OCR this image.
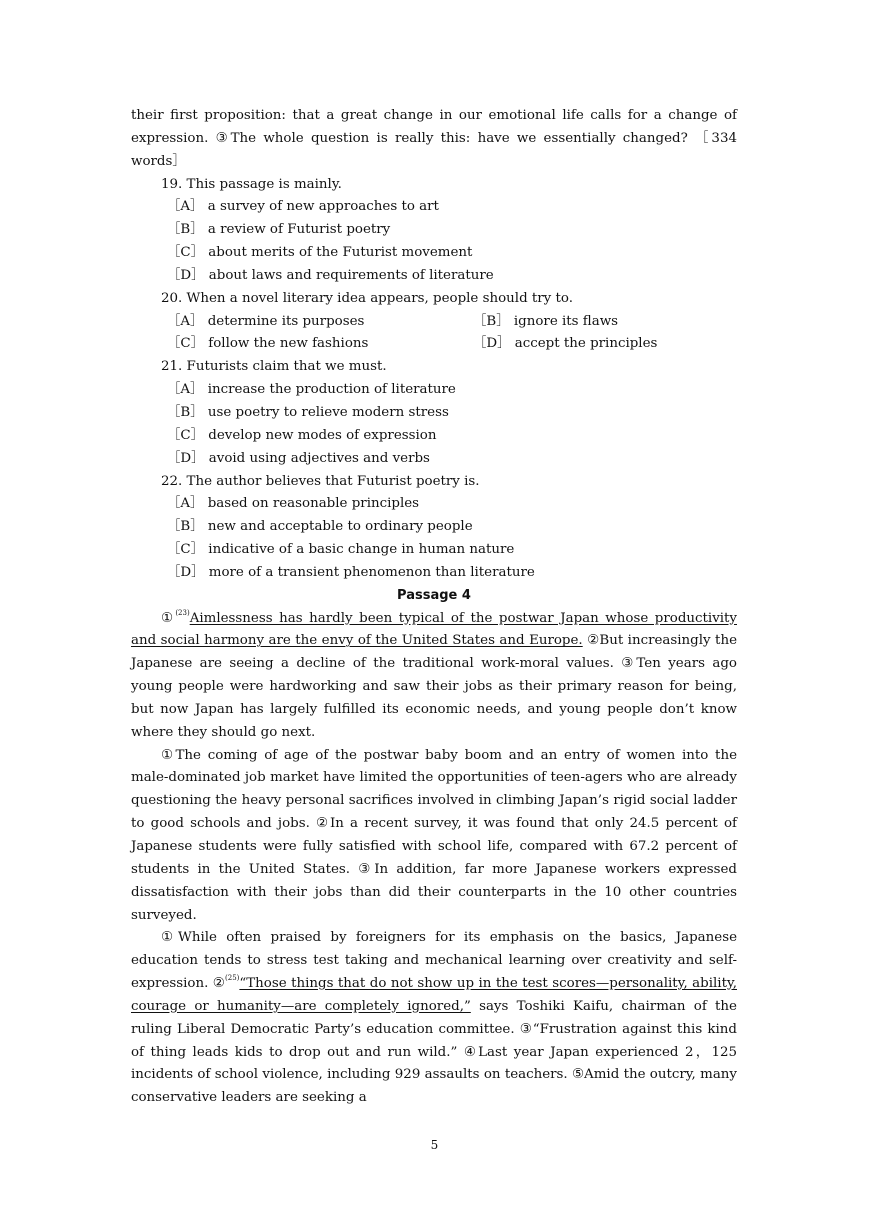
their first proposition: that a great change in our emotional life calls for a change of expression. ③The whole question is really this: have we essentially changed? ［334 words］

19. This passage is mainly.

［A］ a survey of new approaches to art

［B］ a review of Futurist poetry

［C］ about merits of the Futurist movement

［D］ about laws and requirements of literature

20. When a novel literary idea appears, people should try to.

［A］ determine its purposes	［B］ ignore its flaws

［C］ follow the new fashions	［D］ accept the principles

21. Futurists claim that we must.

［A］ increase the production of literature

［B］ use poetry to relieve modern stress

［C］ develop new modes of expression

［D］ avoid using adjectives and verbs

22. The author believes that Futurist poetry is.

［A］ based on reasonable principles

［B］ new and acceptable to ordinary people

［C］ indicative of a basic change in human nature

［D］ more of a transient phenomenon than literature

Passage 4

①$^{(23)}$Aimlessness has hardly been typical of the postwar Japan whose productivity and social harmony are the envy of the United States and Europe. ②But increasingly the Japanese are seeing a decline of the traditional work-moral values. ③Ten years ago young people were hardworking and saw their jobs as their primary reason for being, but now Japan has largely fulfilled its economic needs, and young people don’t know where they should go next.

①The coming of age of the postwar baby boom and an entry of women into the male-dominated job market have limited the opportunities of teen-agers who are already questioning the heavy personal sacrifices involved in climbing Japan’s rigid social ladder to good schools and jobs. ②In a recent survey, it was found that only 24.5 percent of Japanese students were fully satisfied with school life, compared with 67.2 percent of students in the United States. ③In addition, far more Japanese workers expressed dissatisfaction with their jobs than did their counterparts in the 10 other countries surveyed.

①While often praised by foreigners for its emphasis on the basics, Japanese education tends to stress test taking and mechanical learning over creativity and self-expression. ②$^{(25)}$“Those things that do not show up in the test scores—personality, ability, courage or humanity—are completely ignored,” says Toshiki Kaifu, chairman of the ruling Liberal Democratic Party’s education committee. ③“Frustration against this kind of thing leads kids to drop out and run wild.” ④Last year Japan experienced 2，125 incidents of school violence, including 929 assaults on teachers. ⑤Amid the outcry, many conservative leaders are seeking a

5
